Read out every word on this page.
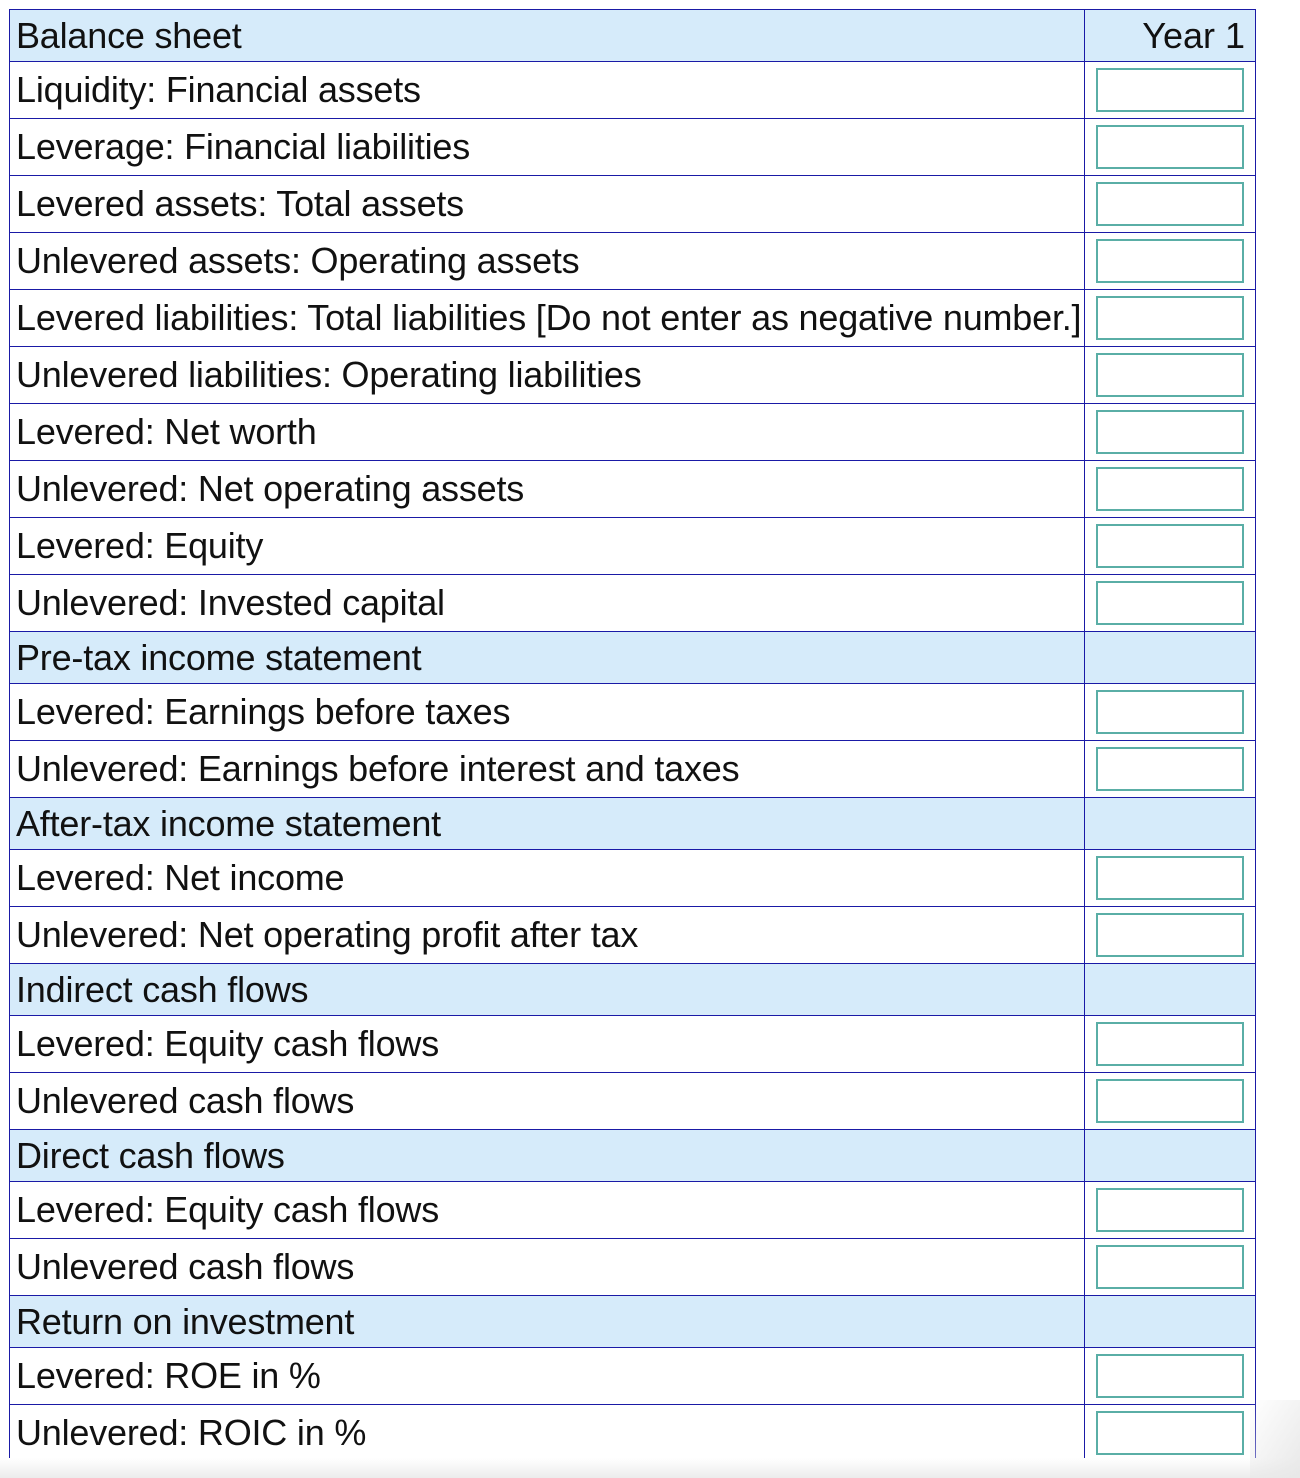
Balance sheet	Year 1
Liquidity: Financial assets	

Leverage: Financial liabilities	

Levered assets: Total assets	

Unlevered assets: Operating assets	

Levered liabilities: Total liabilities [Do not enter as negative number.]	

Unlevered liabilities: Operating liabilities	

Levered: Net worth	

Unlevered: Net operating assets	

Levered: Equity	

Unlevered: Invested capital	

Pre-tax income statement	
Levered: Earnings before taxes	

Unlevered: Earnings before interest and taxes	

After-tax income statement	
Levered: Net income	

Unlevered: Net operating profit after tax	

Indirect cash flows	
Levered: Equity cash flows	

Unlevered cash flows	

Direct cash flows	
Levered: Equity cash flows	

Unlevered cash flows	

Return on investment	
Levered: ROE in %	

Unlevered: ROIC in %	
